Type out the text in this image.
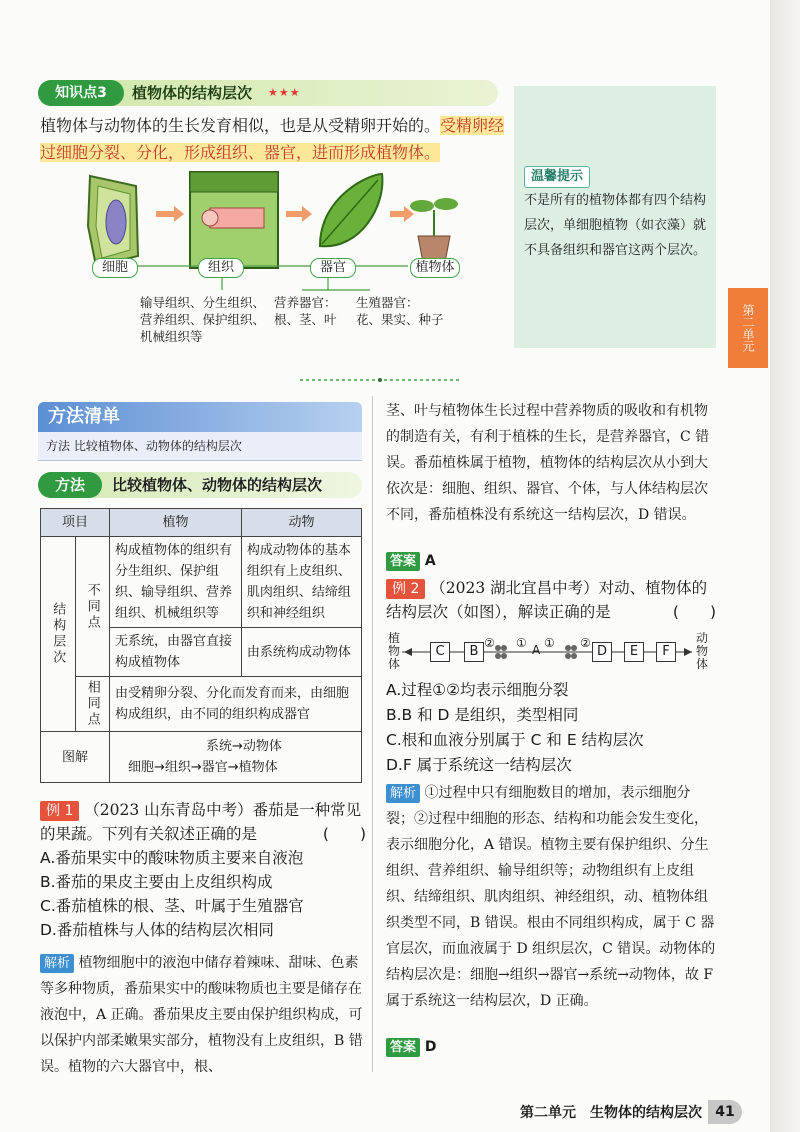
知识点3	植物体的结构层次 ★★★
植物体与动物体的生长发育相似，也是从受精卵开始的。受精卵经过细胞分裂、分化，形成组织、器官，进而形成植物体。
细胞	组织	器官	植物体
输导组织、分生组织、
营养组织、保护组织、
机械组织等
营养器官：
根、茎、叶
生殖器官：
花、果实、种子
温馨提示
不是所有的植物体都有四个结构层次，单细胞植物（如衣藻）就不具备组织和器官这两个层次。
第二单元
方法清单
方法 比较植物体、动物体的结构层次
方法	比较植物体、动物体的结构层次
项目		植物	动物
结构层次	不同点	构成植物体的组织有分生组织、保护组织、输导组织、营养组织、机械组织等	构成动物体的基本组织有上皮组织、肌肉组织、结缔组织和神经组织
		无系统，由器官直接构成植物体	由系统构成动物体
	相同点	由受精卵分裂、分化而发育而来，由细胞构成组织，由不同的组织构成器官	
图解		系统→动物体
细胞→组织→器官→植物体	
例 1 （2023 山东青岛中考）番茄是一种常见的果蔬。下列有关叙述正确的是	(　　)
A.番茄果实中的酸味物质主要来自液泡
B.番茄的果皮主要由上皮组织构成
C.番茄植株的根、茎、叶属于生殖器官
D.番茄植株与人体的结构层次相同
解析 植物细胞中的液泡中储存着辣味、甜味、色素等多种物质，番茄果实中的酸味物质也主要是储存在液泡中，A 正确。番茄果皮主要由保护组织构成，可以保护内部柔嫩果实部分，植物没有上皮组织，B 错误。植物的六大器官中，根、
茎、叶与植物体生长过程中营养物质的吸收和有机物的制造有关，有利于植株的生长，是营养器官，C 错误。番茄植株属于植物，植物体的结构层次从小到大依次是：细胞、组织、器官、个体，与人体结构层次不同，番茄植株没有系统这一结构层次，D 错误。
答案 A
例 2 （2023 湖北宜昌中考）对动、植物体的结构层次（如图），解读正确的是	(　　)
植物体
动物体
C	B
② ① A ① ②
D	E	F
A.过程①②均表示细胞分裂
B.B 和 D 是组织，类型相同
C.根和血液分别属于 C 和 E 结构层次
D.F 属于系统这一结构层次
解析 ①过程中只有细胞数目的增加，表示细胞分裂；②过程中细胞的形态、结构和功能会发生变化，表示细胞分化，A 错误。植物主要有保护组织、分生组织、营养组织、输导组织等；动物组织有上皮组织、结缔组织、肌肉组织、神经组织，动、植物体组织类型不同，B 错误。根由不同组织构成，属于 C 器官层次，而血液属于 D 组织层次，C 错误。动物体的结构层次是：细胞→组织→器官→系统→动物体，故 F 属于系统这一结构层次，D 正确。
答案 D
第二单元　生物体的结构层次 41
